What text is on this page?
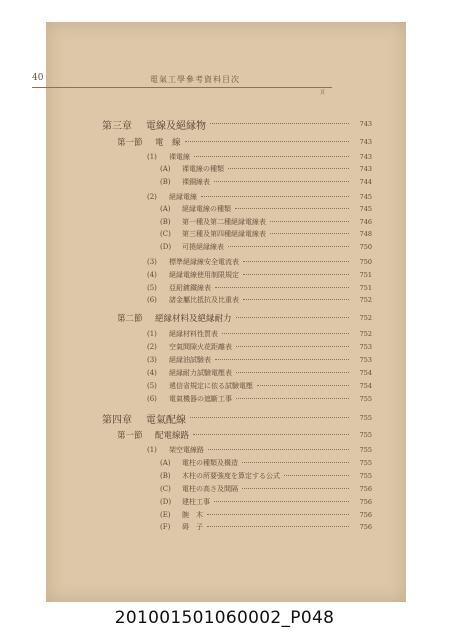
40	電氣工學參考資料目次
頁
第三章	電線及絕縁物	743
第一節	電　線	743
(1)	裸電線	743
(A)	裸電線の種類	743
(B)	裸銅線表	744
(2)	絕縁電線	745
(A)	絕縁電線の種類	745
(B)	第一種及第二種絕縁電線表	746
(C)	第三種及第四種絕縁電線表	748
(D)	可撓絕縁線表	750
(3)	標準絕縁線安全電流表	750
(4)	絕縁電線使用制限規定	751
(5)	亞鉛鍍鐵線表	751
(6)	諸金屬比抵抗及比重表	752
第二節	絕縁材料及絕縁耐力	752
(1)	絕縁材料性質表	752
(2)	空氣間隙火花距離表	753
(3)	絕縁油試驗表	753
(4)	絕縁耐力試驗電壓表	754
(5)	遞信省規定に依る試驗電壓	754
(6)	電氣機器の遮斷工事	755
第四章	電氣配線	755
第一節	配電線路	755
(1)	架空電線路	755
(A)	電柱の種類及構造	755
(B)	木柱の所要強度を算定する公式	755
(C)	電柱の高さ及間隔	756
(D)	建柱工事	756
(E)	腕　木	756
(F)	碍　子	756
201001501060002_P048
